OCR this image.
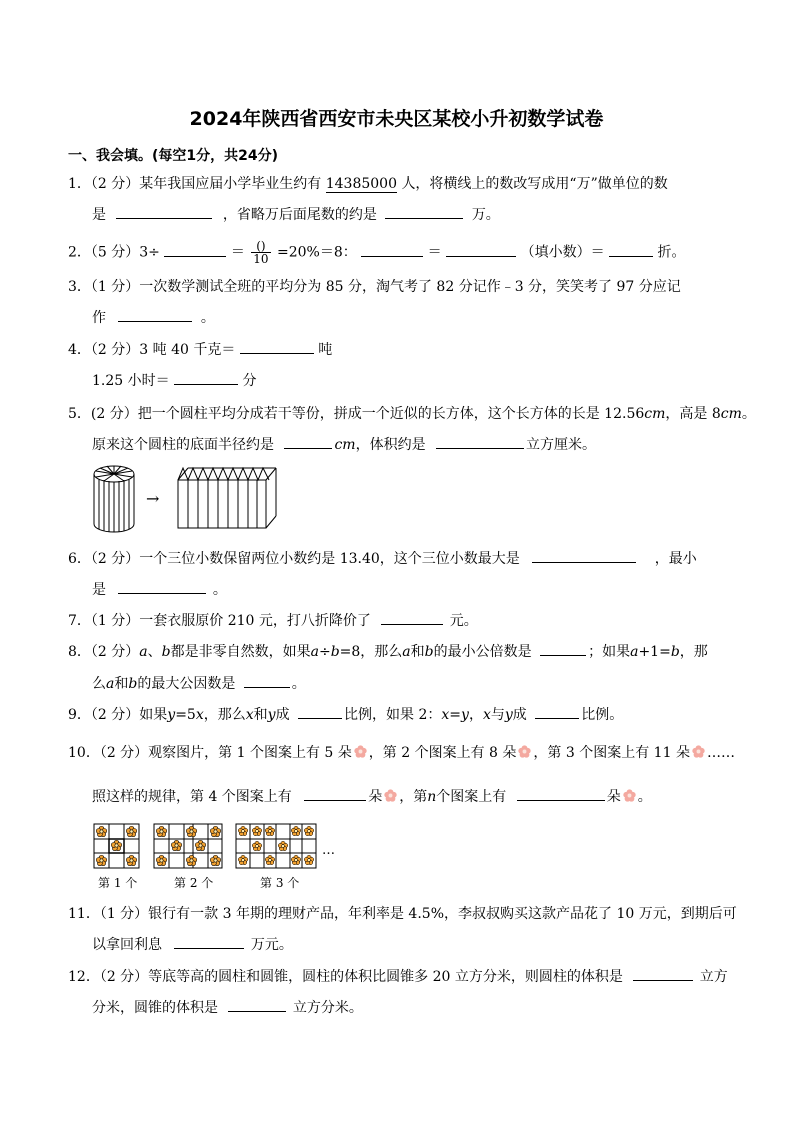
2024年陕西省西安市未央区某校小升初数学试卷
一、我会填。(每空1分，共24分)
1．（2 分）某年我国应届小学毕业生约有 14385000 人，将横线上的数改写成用“万”做单位的数
是	，省略万后面尾数的约是	万。
2．（5 分）3÷	＝ $\frac{()}{10} =20\%=8$：	＝	（填小数）＝	折。
3．（1 分）一次数学测试全班的平均分为 85 分，淘气考了 82 分记作﹣3 分，笑笑考了 97 分应记
作	。
4．（2 分）3 吨 40 千克＝	吨
1.25 小时＝	分
5．(2 分）把一个圆柱平均分成若干等份，拼成一个近似的长方体，这个长方体的长是 12.56cm，高是 8cm。
原来这个圆柱的底面半径约是	cm，体积约是	立方厘米。
→
6．（2 分）一个三位小数保留两位小数约是 13.40，这个三位小数最大是	，最小
是	。
7．（1 分）一套衣服原价 210 元，打八折降价了	元。
8．（2 分）a、b都是非零自然数，如果a÷b=8，那么a和b的最小公倍数是	；如果a+1=b，那
么a和b的最大公因数是	。
9．（2 分）如果y=5x，那么x和y成	比例，如果 2：x=y，x与y成	比例。
10．（2 分）观察图片，第 1 个图案上有 5 朵 ，第 2 个图案上有 8 朵 ，第 3 个图案上有 11 朵 ……
照这样的规律，第 4 个图案上有	朵 ，第n个图案上有	朵 。
…
第 1 个	第 2 个	第 3 个
11．（1 分）银行有一款 3 年期的理财产品，年利率是 4.5%，李叔叔购买这款产品花了 10 万元，到期后可
以拿回利息	万元。
12．（2 分）等底等高的圆柱和圆锥，圆柱的体积比圆锥多 20 立方分米，则圆柱的体积是	立方
分米，圆锥的体积是	立方分米。
